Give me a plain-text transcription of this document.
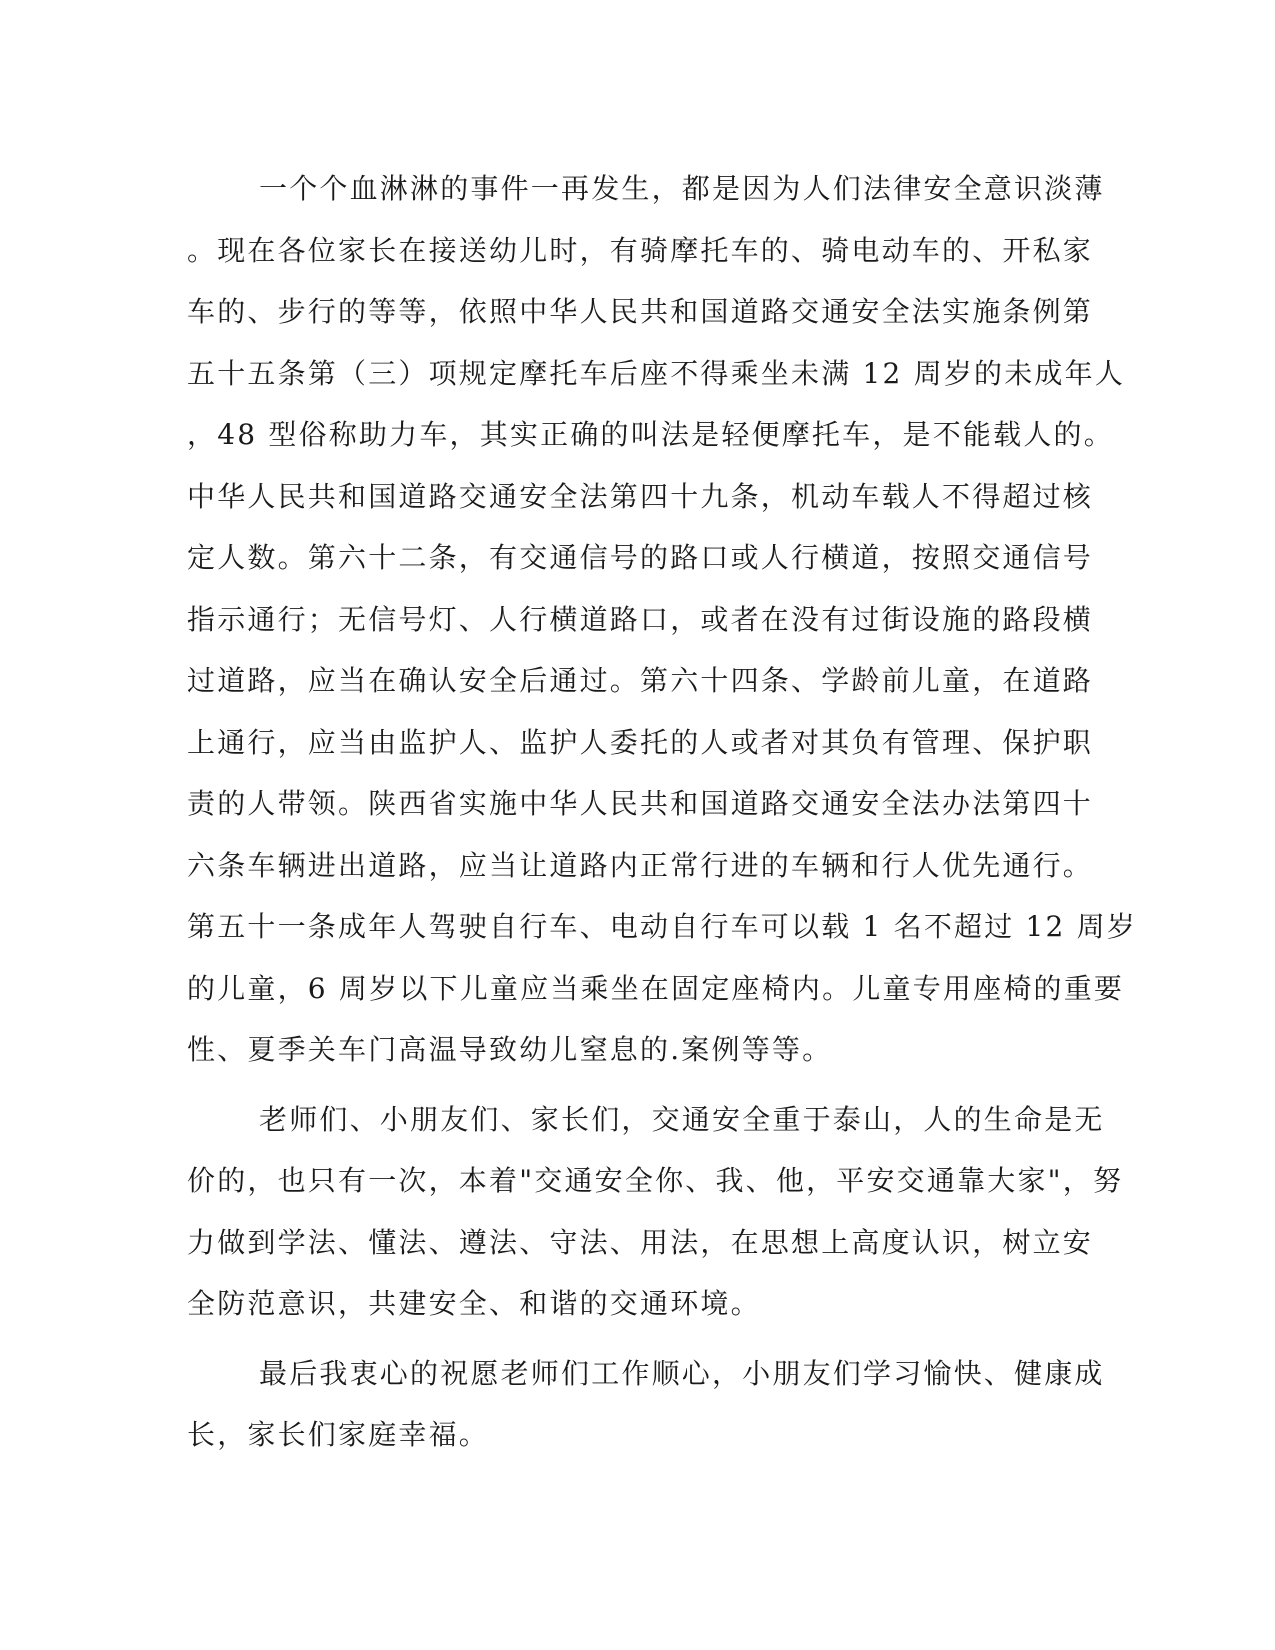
一个个血淋淋的事件一再发生，都是因为人们法律安全意识淡薄
。现在各位家长在接送幼儿时，有骑摩托车的、骑电动车的、开私家
车的、步行的等等，依照中华人民共和国道路交通安全法实施条例第
五十五条第（三）项规定摩托车后座不得乘坐未满 12 周岁的未成年人
，48 型俗称助力车，其实正确的叫法是轻便摩托车，是不能载人的。
中华人民共和国道路交通安全法第四十九条，机动车载人不得超过核
定人数。第六十二条，有交通信号的路口或人行横道，按照交通信号
指示通行；无信号灯、人行横道路口，或者在没有过街设施的路段横
过道路，应当在确认安全后通过。第六十四条、学龄前儿童，在道路
上通行，应当由监护人、监护人委托的人或者对其负有管理、保护职
责的人带领。陕西省实施中华人民共和国道路交通安全法办法第四十
六条车辆进出道路，应当让道路内正常行进的车辆和行人优先通行。
第五十一条成年人驾驶自行车、电动自行车可以载 1 名不超过 12 周岁
的儿童，6 周岁以下儿童应当乘坐在固定座椅内。儿童专用座椅的重要
性、夏季关车门高温导致幼儿窒息的.案例等等。
老师们、小朋友们、家长们，交通安全重于泰山，人的生命是无
价的，也只有一次，本着"交通安全你、我、他，平安交通靠大家"，努
力做到学法、懂法、遵法、守法、用法，在思想上高度认识，树立安
全防范意识，共建安全、和谐的交通环境。
最后我衷心的祝愿老师们工作顺心，小朋友们学习愉快、健康成
长，家长们家庭幸福。
